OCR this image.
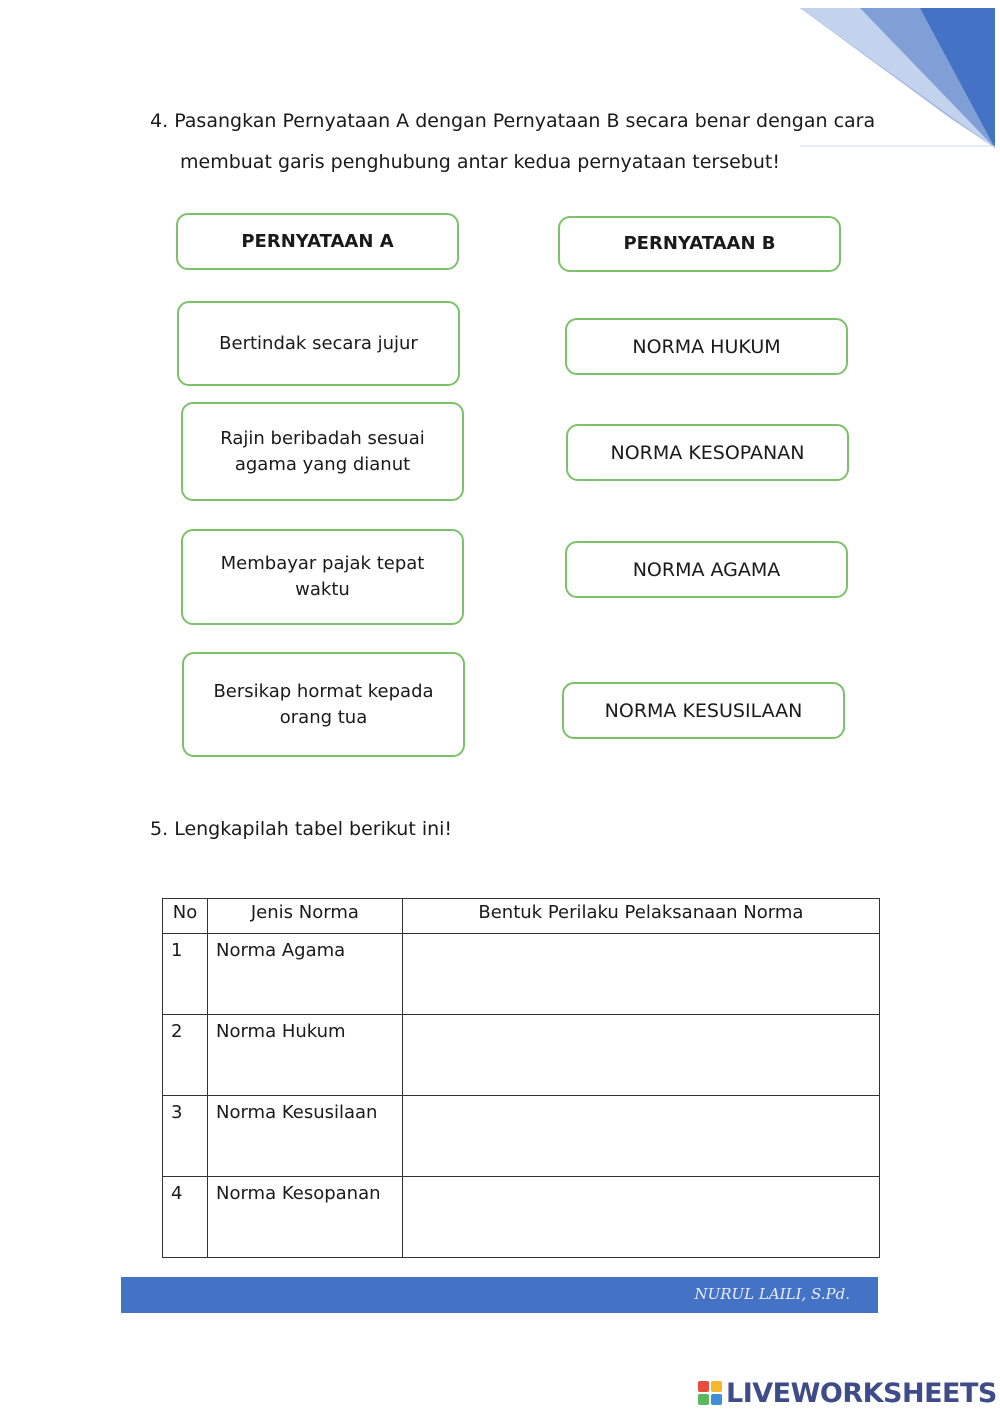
4. Pasangkan Pernyataan A dengan Pernyataan B secara benar dengan cara
membuat garis penghubung antar kedua pernyataan tersebut!
PERNYATAAN A
Bertindak secara jujur
Rajin beribadah sesuai agama yang dianut
Membayar pajak tepat waktu
Bersikap hormat kepada orang tua
PERNYATAAN B
NORMA HUKUM
NORMA KESOPANAN
NORMA AGAMA
NORMA KESUSILAAN
5. Lengkapilah tabel berikut ini!
No	Jenis Norma	Bentuk Perilaku Pelaksanaan Norma
1	Norma Agama	
2	Norma Hukum	
3	Norma Kesusilaan	
4	Norma Kesopanan	
NURUL LAILI, S.Pd.
LIVEWORKSHEETS
